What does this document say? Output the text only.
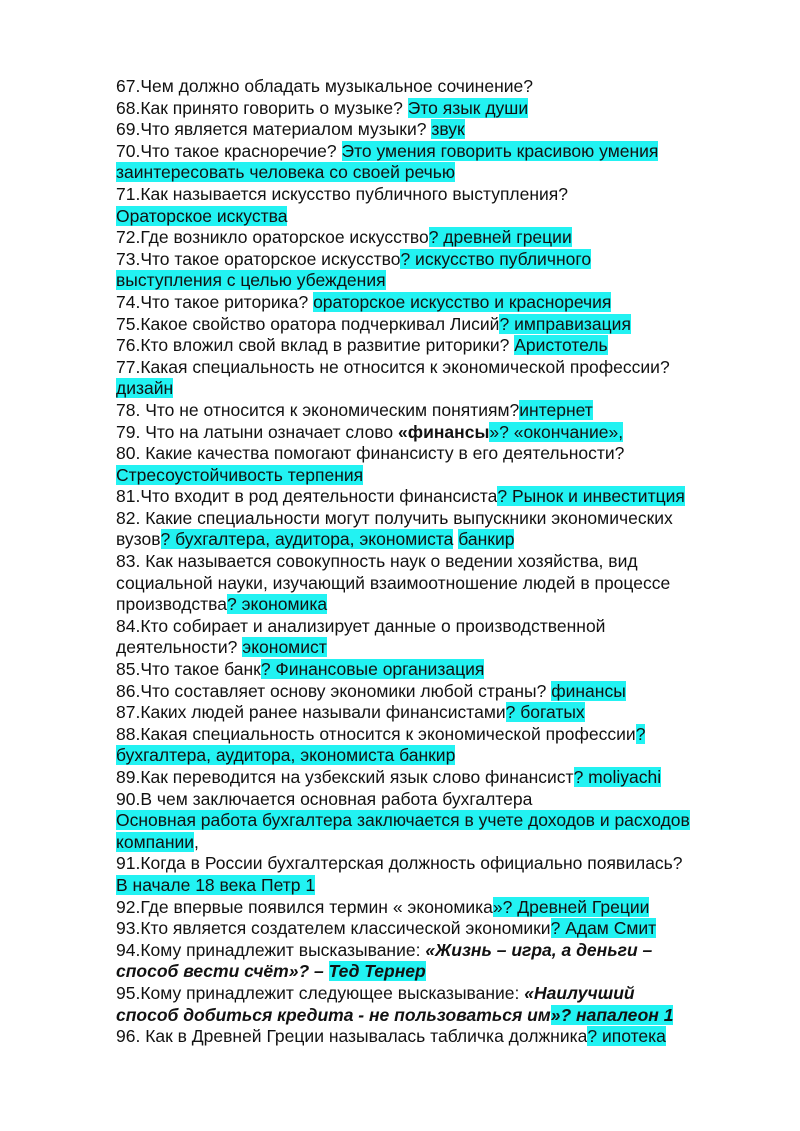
67.Чем должно обладать музыкальное сочинение?
68.Как принято говорить о музыке? Это язык души
69.Что является материалом музыки? звук
70.Что такое красноречие? Это умения говорить красивою умения
заинтересовать человека со своей речью
71.Как называется искусство публичного выступления?
Ораторское искуства
72.Где возникло ораторское искусство? древней греции
73.Что такое ораторское искусство? искусство публичного
выступления с целью убеждения
74.Что такое риторика? ораторское искусство и красноречия
75.Какое свойство оратора подчеркивал Лисий? имправизация
76.Кто вложил свой вклад в развитие риторики? Аристотель
77.Какая специальность не относится к экономической профессии?
дизайн
78. Что не относится к экономическим понятиям?интернет
79. Что на латыни означает слово «финансы»? «окончание»,
80. Какие качества помогают финансисту в его деятельности?
Стресоустойчивость терпения
81.Что входит в род деятельности финансиста? Рынок и инвеститция
82. Какие специальности могут получить выпускники экономических
вузов? бухгалтера, аудитора, экономиста банкир
83. Как называется совокупность наук о ведении хозяйства, вид
социальной науки, изучающий взаимоотношение людей в процессе
производства? экономика
84.Кто собирает и анализирует данные о производственной
деятельности? экономист
85.Что такое банк? Финансовые организация
86.Что составляет основу экономики любой страны? финансы
87.Каких людей ранее называли финансистами? богатых
88.Какая специальность относится к экономической профессии?
бухгалтера, аудитора, экономиста банкир
89.Как переводится на узбекский язык слово финансист? moliyachi
90.В чем заключается основная работа бухгалтера
Основная работа бухгалтера заключается в учете доходов и расходов
компании,
91.Когда в России бухгалтерская должность официально появилась?
В начале 18 века Петр 1
92.Где впервые появился термин « экономика»? Древней Греции
93.Кто является создателем классической экономики? Адам Смит
94.Кому принадлежит высказывание: «Жизнь – игра, а деньги –
способ вести счёт»? – Тед Тернер
95.Кому принадлежит следующее высказывание: «Наилучший
способ добиться кредита - не пользоваться им»? напалеон 1
96. Как в Древней Греции называлась табличка должника? ипотека
